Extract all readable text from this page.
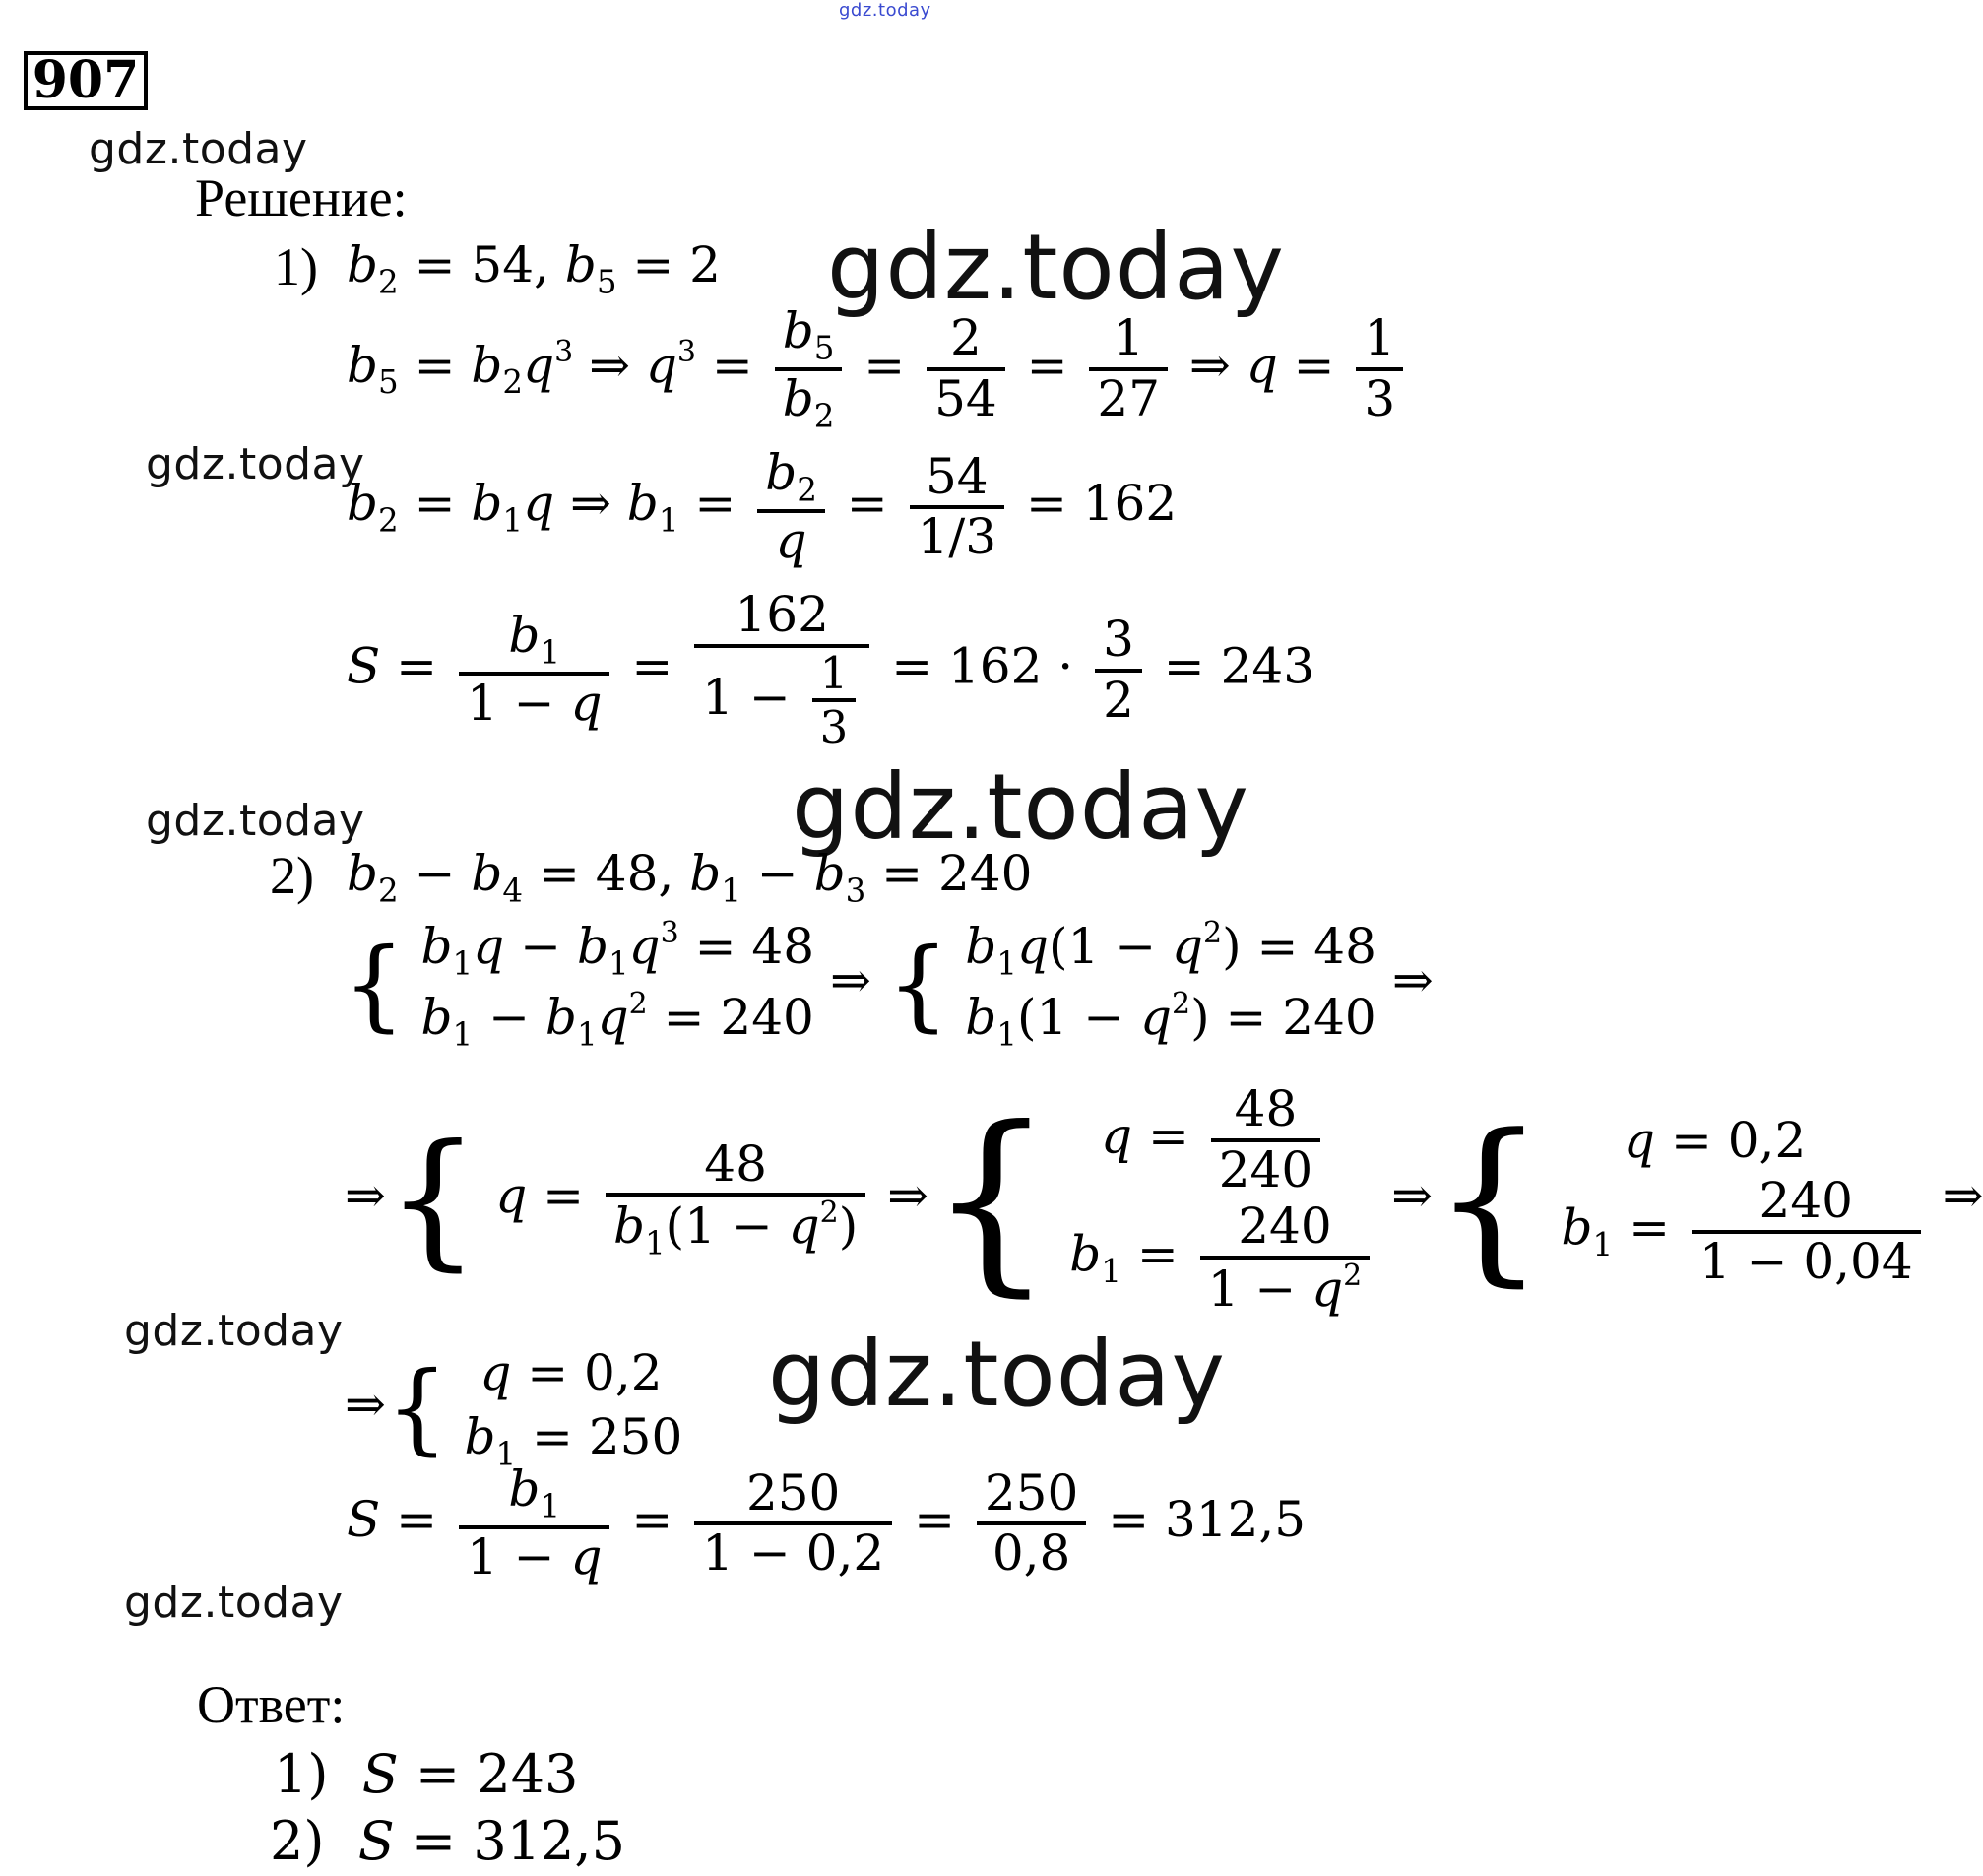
gdz.today
gdz.today
gdz.today
gdz.today
gdz.today
gdz.today
gdz.today	gdz.today
gdz.today
907
Решение:
1) $b_2 = 54$, $b_5 = 2$
$b_5 = b_2q^3$ ⇒ $q^3 = \frac{b_5}{b_2} = \frac{2}{54} = \frac{1}{27}$ ⇒ $q = \frac{1}{3}$
$b_2 = b_1q$ ⇒ $b_1 = \frac{b_2}{q} = \frac{54}{1/3} = 162$
$S = \frac{b_1}{1 - q} = \frac{162}{1 - \frac{1}{3}} = 162 \cdot \frac{3}{2} = 243$
2) $b_2 - b_4 = 48$, $b_1 - b_3 = 240$
{ $b_1q - b_1q^3 = 48$
$b_1 - b_1q^2 = 240$
⇒ { $b_1q(1 - q^2) = 48$
$b_1(1 - q^2) = 240$
⇒
⇒{ $q = \frac{48}{b_1(1 - q^2)}$ ⇒{ $q = \frac{48}{240}$
$b_1 = \frac{240}{1 - q^2}$
⇒{	q = 0,2
$b_1 = \frac{240}{1 - 0,04}$ ⇒
⇒{ q = 0,2
$b_1 = 250$
$S = \frac{b_1}{1 - q} = \frac{250}{1 - 0,2} = \frac{250}{0,8} = 312,5$
Ответ:
1)  S = 243
2)  S = 312,5
